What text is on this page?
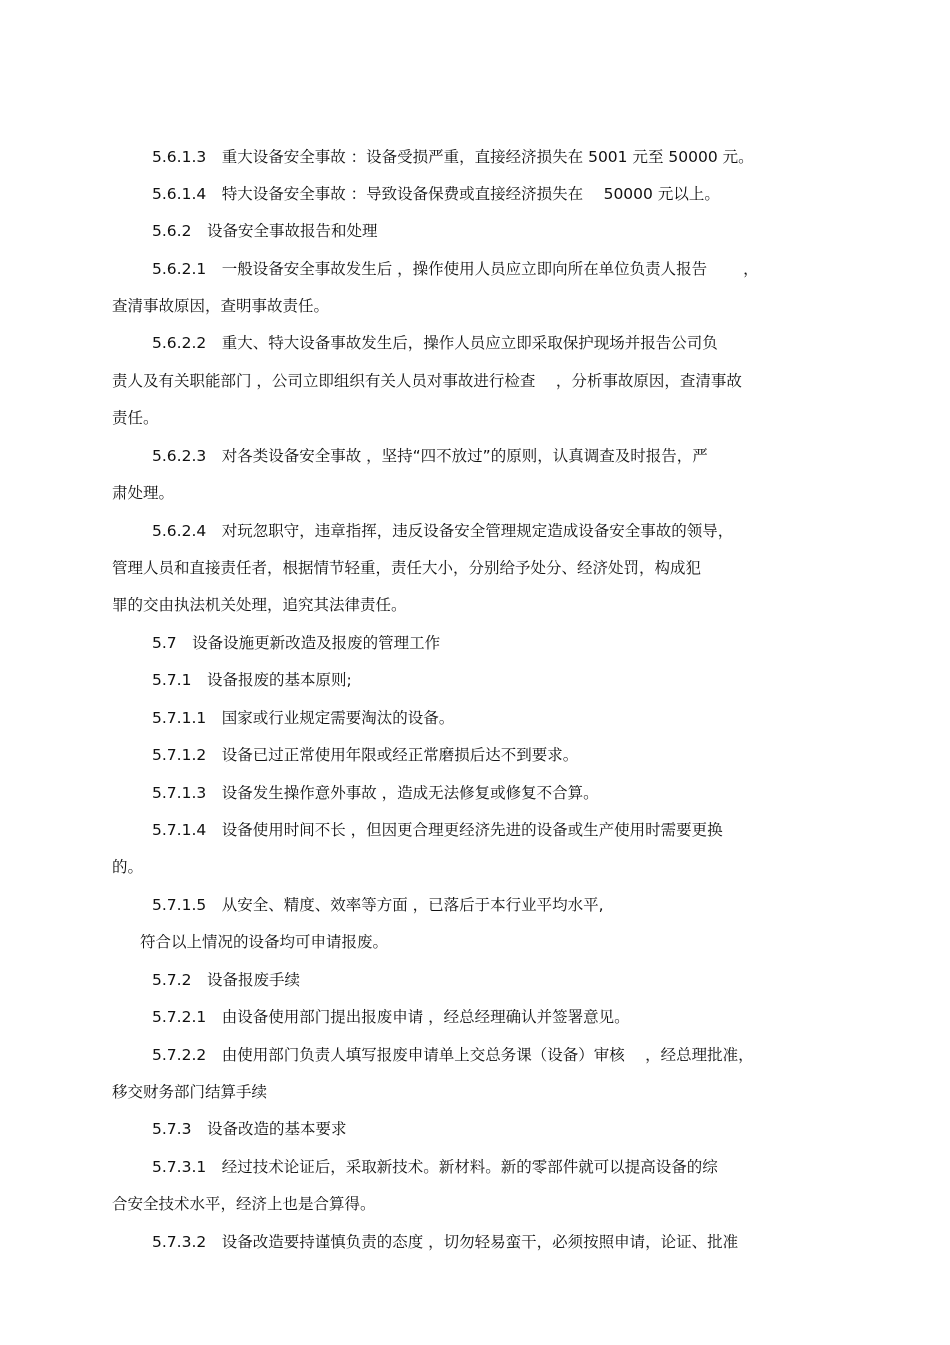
5.6.1.3　重大设备安全事故 ：设备受损严重，直接经济损失在 5001 元至 50000 元。

5.6.1.4　特大设备安全事故 ：导致设备保费或直接经济损失在 　50000 元以上。

5.6.2　设备安全事故报告和处理

5.6.2.1　一般设备安全事故发生后 ，操作使用人员应立即向所在单位负责人报告 　　，

查清事故原因，查明事故责任。

5.6.2.2　重大、特大设备事故发生后，操作人员应立即采取保护现场并报告公司负

责人及有关职能部门 ，公司立即组织有关人员对事故进行检查 　，分析事故原因，查清事故

责任。

5.6.2.3　对各类设备安全事故 ，坚持“四不放过”的原则，认真调查及时报告，严

肃处理。

5.6.2.4　对玩忽职守，违章指挥，违反设备安全管理规定造成设备安全事故的领导，

管理人员和直接责任者，根据情节轻重，责任大小，分别给予处分、经济处罚，构成犯

罪的交由执法机关处理，追究其法律责任。

5.7　设备设施更新改造及报废的管理工作

5.7.1　设备报废的基本原则;

5.7.1.1　国家或行业规定需要淘汰的设备。

5.7.1.2　设备已过正常使用年限或经正常磨损后达不到要求。

5.7.1.3　设备发生操作意外事故 ，造成无法修复或修复不合算。

5.7.1.4　设备使用时间不长 ，但因更合理更经济先进的设备或生产使用时需要更换

的。

5.7.1.5　从安全、精度、效率等方面 ，已落后于本行业平均水平,

符合以上情况的设备均可申请报废。

5.7.2　设备报废手续

5.7.2.1　由设备使用部门提出报废申请 ，经总经理确认并签署意见。

5.7.2.2　由使用部门负责人填写报废申请单上交总务课（设备）审核 　，经总理批准，

移交财务部门结算手续

5.7.3　设备改造的基本要求

5.7.3.1　经过技术论证后，采取新技术。新材料。新的零部件就可以提高设备的综

合安全技术水平，经济上也是合算得。

5.7.3.2　设备改造要持谨慎负责的态度 ，切勿轻易蛮干，必须按照申请，论证、批准
